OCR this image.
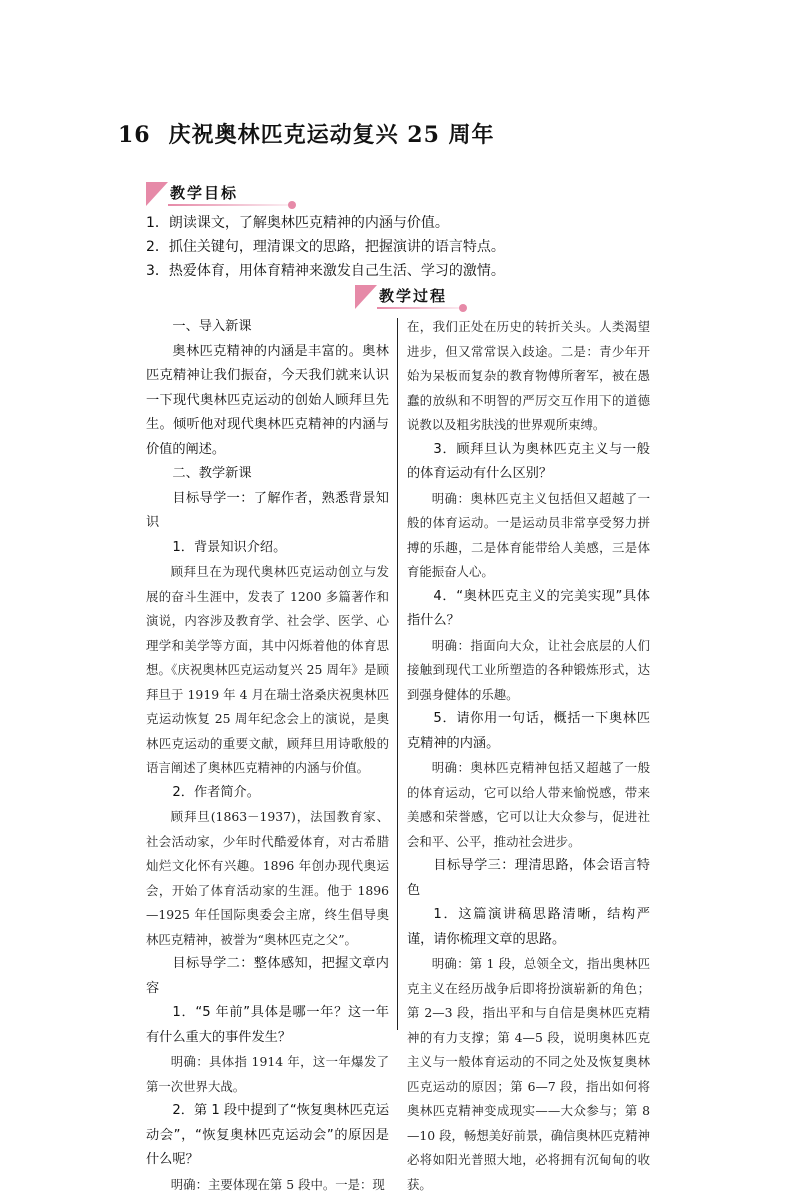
16 庆祝奥林匹克运动复兴 25 周年
教学目标
1．朗读课文，了解奥林匹克精神的内涵与价值。
2．抓住关键句，理清课文的思路，把握演讲的语言特点。
3．热爱体育，用体育精神来激发自己生活、学习的激情。
教学过程

一、导入新课

奥林匹克精神的内涵是丰富的。奥林匹克精神让我们振奋，今天我们就来认识一下现代奥林匹克运动的创始人顾拜旦先生。倾听他对现代奥林匹克精神的内涵与价值的阐述。

二、教学新课

目标导学一：了解作者，熟悉背景知识

1．背景知识介绍。

顾拜旦在为现代奥林匹克运动创立与发展的奋斗生涯中，发表了 1200 多篇著作和演说，内容涉及教育学、社会学、医学、心理学和美学等方面，其中闪烁着他的体育思想。《庆祝奥林匹克运动复兴 25 周年》是顾拜旦于 1919 年 4 月在瑞士洛桑庆祝奥林匹克运动恢复 25 周年纪念会上的演说，是奥林匹克运动的重要文献，顾拜旦用诗歌般的语言阐述了奥林匹克精神的内涵与价值。

2．作者简介。

顾拜旦(1863－1937)，法国教育家、社会活动家，少年时代酷爱体育，对古希腊灿烂文化怀有兴趣。1896 年创办现代奥运会，开始了体育活动家的生涯。他于 1896—1925 年任国际奥委会主席，终生倡导奥林匹克精神，被誉为“奥林匹克之父”。

目标导学二：整体感知，把握文章内容

1．“5 年前”具体是哪一年？这一年有什么重大的事件发生？

明确：具体指 1914 年，这一年爆发了第一次世界大战。

2．第 1 段中提到了“恢复奥林匹克运动会”，“恢复奥林匹克运动会”的原因是什么呢？

明确：主要体现在第 5 段中。一是：现

在，我们正处在历史的转折关头。人类渴望进步，但又常常误入歧途。二是：青少年开始为呆板而复杂的教育物傅所奢军，被在愚蠢的放纵和不明智的严厉交互作用下的道德说教以及粗劣肤浅的世界观所束缚。

3．顾拜旦认为奥林匹克主义与一般的体育运动有什么区别？

明确：奥林匹克主义包括但又超越了一般的体育运动。一是运动员非常享受努力拼搏的乐趣，二是体育能带给人美感，三是体育能振奋人心。

4．“奥林匹克主义的完美实现”具体指什么？

明确：指面向大众，让社会底层的人们接触到现代工业所塑造的各种锻炼形式，达到强身健体的乐趣。

5．请你用一句话，概括一下奥林匹克精神的内涵。

明确：奥林匹克精神包括又超越了一般的体育运动，它可以给人带来愉悦感，带来美感和荣誉感，它可以让大众参与，促进社会和平、公平，推动社会进步。

目标导学三：理清思路，体会语言特色

1．这篇演讲稿思路清晰，结构严谨，请你梳理文章的思路。

明确：第 1 段，总领全文，指出奥林匹克主义在经历战争后即将扮演崭新的角色；第 2—3 段，指出平和与自信是奥林匹克精神的有力支撑；第 4—5 段，说明奥林匹克主义与一般体育运动的不同之处及恢复奥林匹克运动的原因；第 6—7 段，指出如何将奥林匹克精神变成现实——大众参与；第 8—10 段，畅想美好前景，确信奥林匹克精神必将如阳光普照大地，必将拥有沉甸甸的收获。
